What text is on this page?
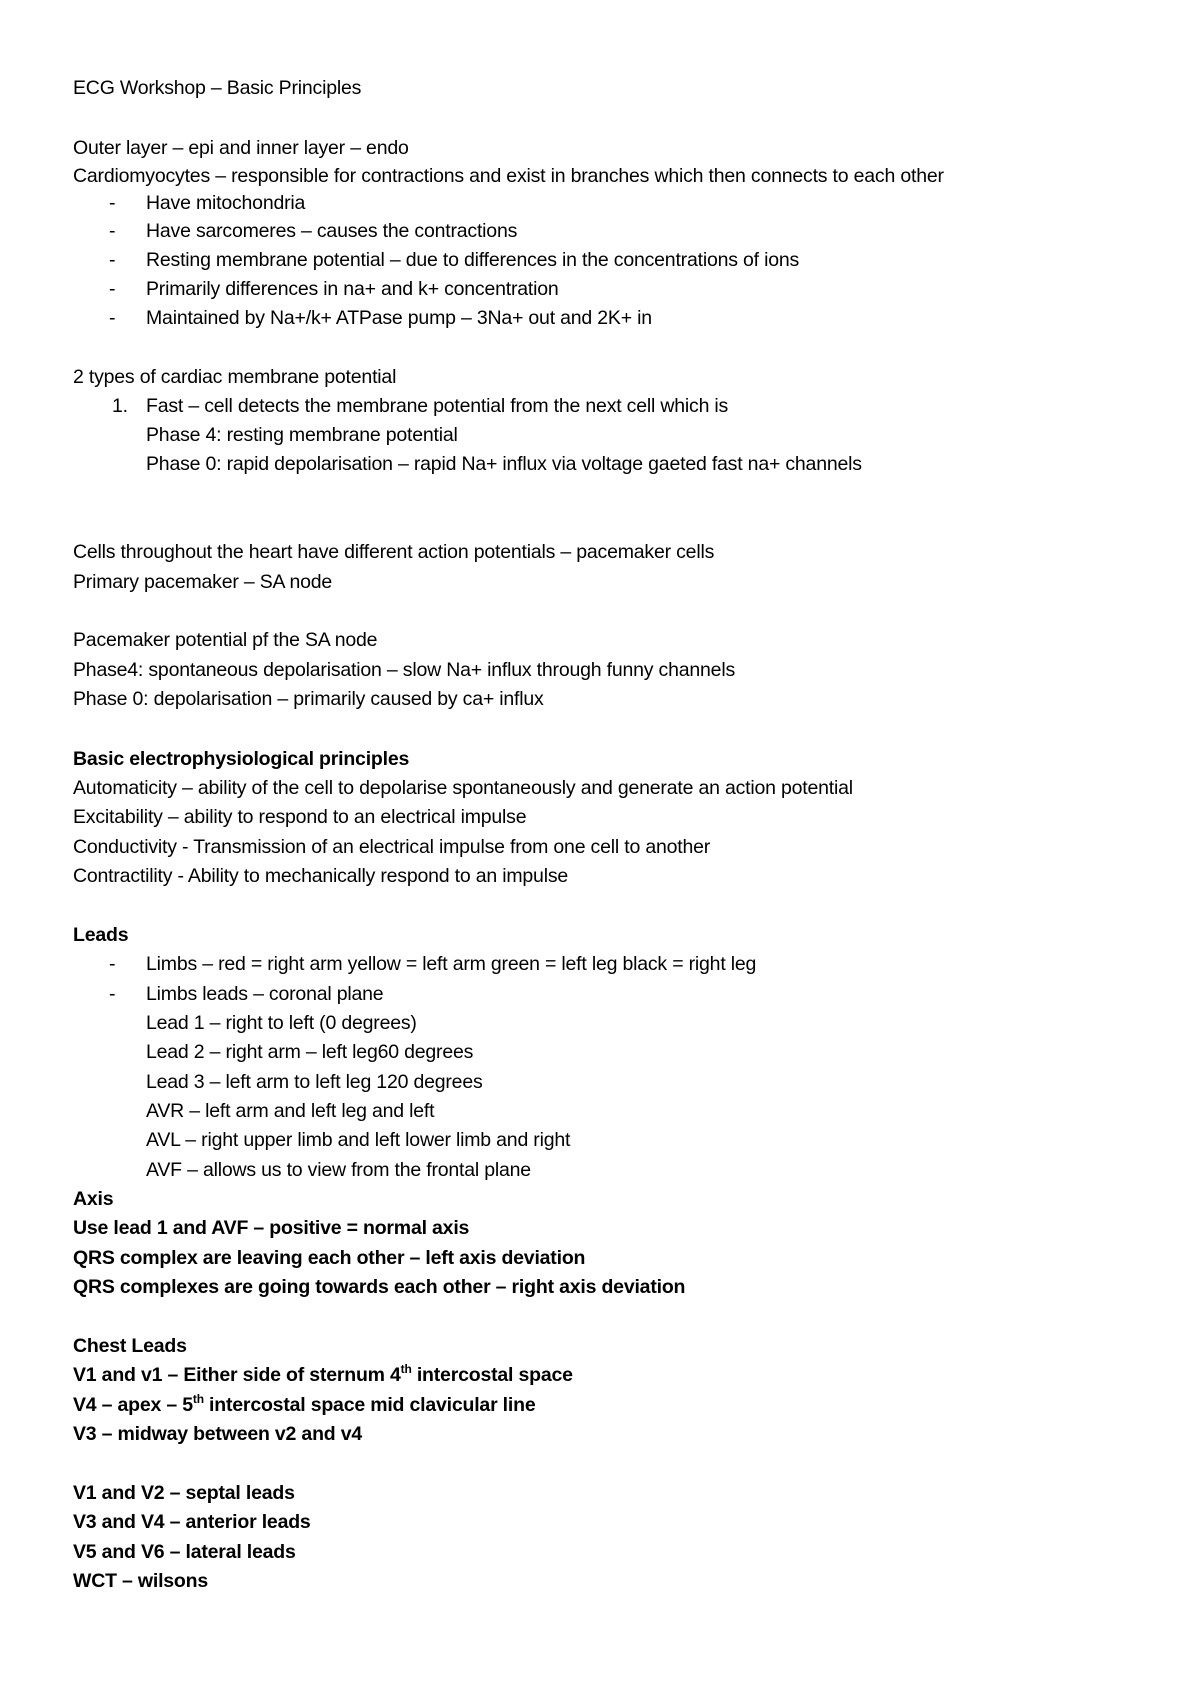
ECG Workshop – Basic Principles
Outer layer – epi and inner layer – endo
Cardiomyocytes – responsible for contractions and exist in branches which then connects to each other
- Have mitochondria
- Have sarcomeres – causes the contractions
- Resting membrane potential – due to differences in the concentrations of ions
- Primarily differences in na+ and k+ concentration
- Maintained by Na+/k+ ATPase pump – 3Na+ out and 2K+ in
2 types of cardiac membrane potential
1. Fast – cell detects the membrane potential from the next cell which is
Phase 4: resting membrane potential
Phase 0: rapid depolarisation – rapid Na+ influx via voltage gaeted fast na+ channels
Cells throughout the heart have different action potentials – pacemaker cells
Primary pacemaker – SA node
Pacemaker potential pf the SA node
Phase4: spontaneous depolarisation – slow Na+ influx through funny channels
Phase 0: depolarisation – primarily caused by ca+ influx
Basic electrophysiological principles
Automaticity – ability of the cell to depolarise spontaneously and generate an action potential
Excitability – ability to respond to an electrical impulse
Conductivity - Transmission of an electrical impulse from one cell to another
Contractility - Ability to mechanically respond to an impulse
Leads
- Limbs – red = right arm yellow = left arm green = left leg black = right leg
- Limbs leads – coronal plane
Lead 1 – right to left (0 degrees)
Lead 2 – right arm – left leg60 degrees
Lead 3 – left arm to left leg 120 degrees
AVR – left arm and left leg and left
AVL – right upper limb and left lower limb and right
AVF – allows us to view from the frontal plane
Axis
Use lead 1 and AVF – positive = normal axis
QRS complex are leaving each other – left axis deviation
QRS complexes are going towards each other – right axis deviation
Chest Leads
V1 and v1 – Either side of sternum 4th intercostal space
V4 – apex – 5th intercostal space mid clavicular line
V3 – midway between v2 and v4
V1 and V2 – septal leads
V3 and V4 – anterior leads
V5 and V6 – lateral leads
WCT – wilsons
